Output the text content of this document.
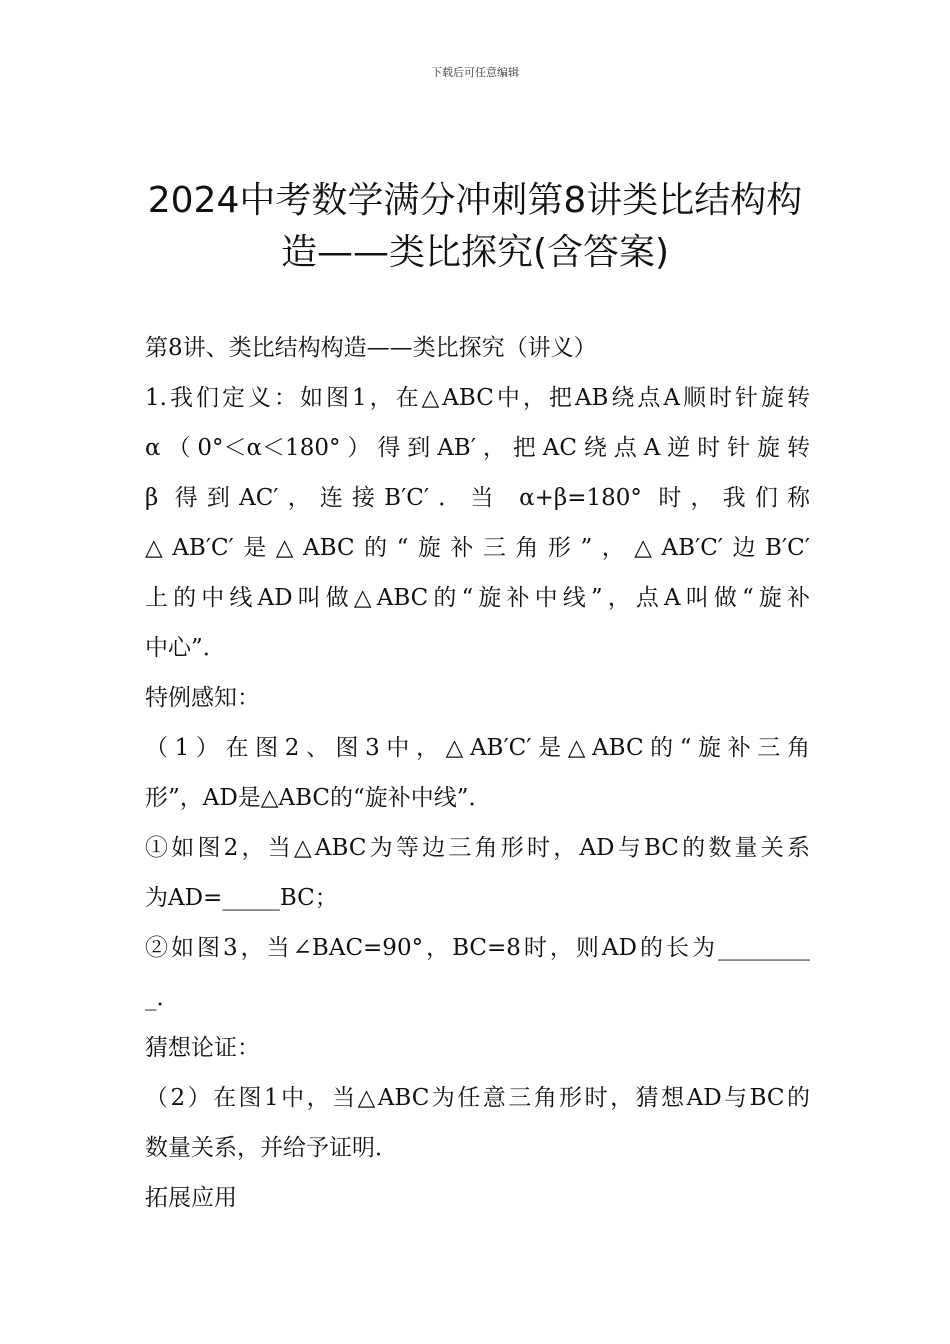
下载后可任意编辑
2024中考数学满分冲刺第8讲类比结构构
造——类比探究(含答案)
第8讲、类比结构构造——类比探究（讲义）
1.我们定义：如图1，在△ABC中，把AB绕点A顺时针旋转
α（0°＜α＜180°）得到AB′，把AC绕点A逆时针旋转
β 得到AC′，连接B′C′．当 α+β=180° 时，我们称
△AB′C′是△ABC的“旋补三角形”，△AB′C′边B′C′
上的中线AD叫做△ABC的“旋补中线”，点A叫做“旋补
中心”．
特例感知：
（1）在图2、图3中，△AB′C′是△ABC的“旋补三角
形”，AD是△ABC的“旋补中线”．
①如图2，当△ABC为等边三角形时，AD与BC的数量关系
为AD=_____BC；
②如图3，当∠BAC=90°，BC=8时，则AD的长为________
_．
猜想论证：
（2）在图1中，当△ABC为任意三角形时，猜想AD与BC的
数量关系，并给予证明．
拓展应用
